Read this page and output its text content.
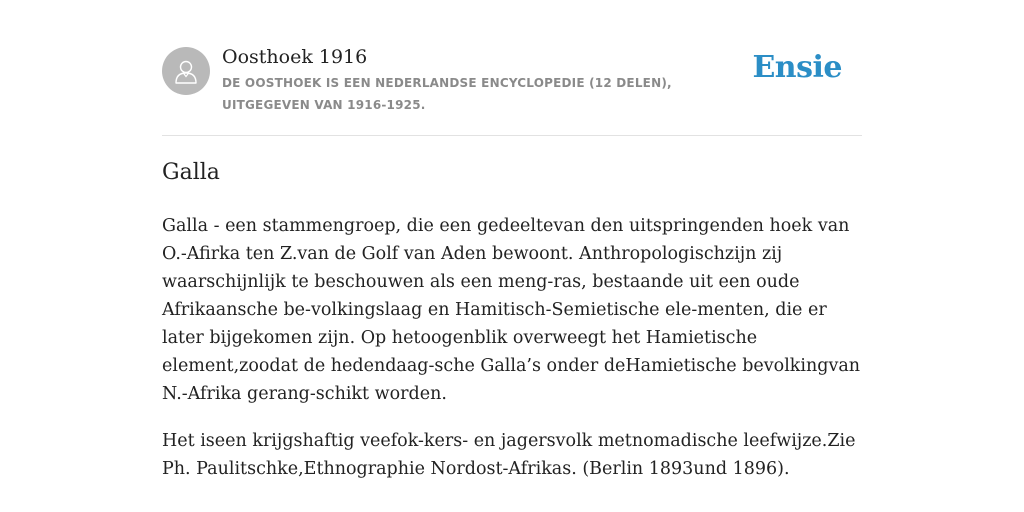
Oosthoek 1916
DE OOSTHOEK IS EEN NEDERLANDSE ENCYCLOPEDIE (12 DELEN), UITGEGEVEN VAN 1916-1925.
Ensie
Galla

Galla - een stammengroep, die een gedeeltevan den uitspringenden hoek van O.-Afirka ten Z.van de Golf van Aden bewoont. Anthropologischzijn zij waarschijnlijk te beschouwen als een meng-ras, bestaande uit een oude Afrikaansche be-volkingslaag en Hamitisch-Semietische ele-menten, die er later bijgekomen zijn. Op hetoogenblik overweegt het Hamietische element,zoodat de hedendaag-sche Galla’s onder deHamietische bevolkingvan N.-Afrika gerang-schikt worden.

Het iseen krijgshaftig veefok-kers- en jagersvolk metnomadische leefwijze.Zie Ph. Paulitschke,Ethnographie Nordost-Afrikas. (Berlin 1893und 1896).
